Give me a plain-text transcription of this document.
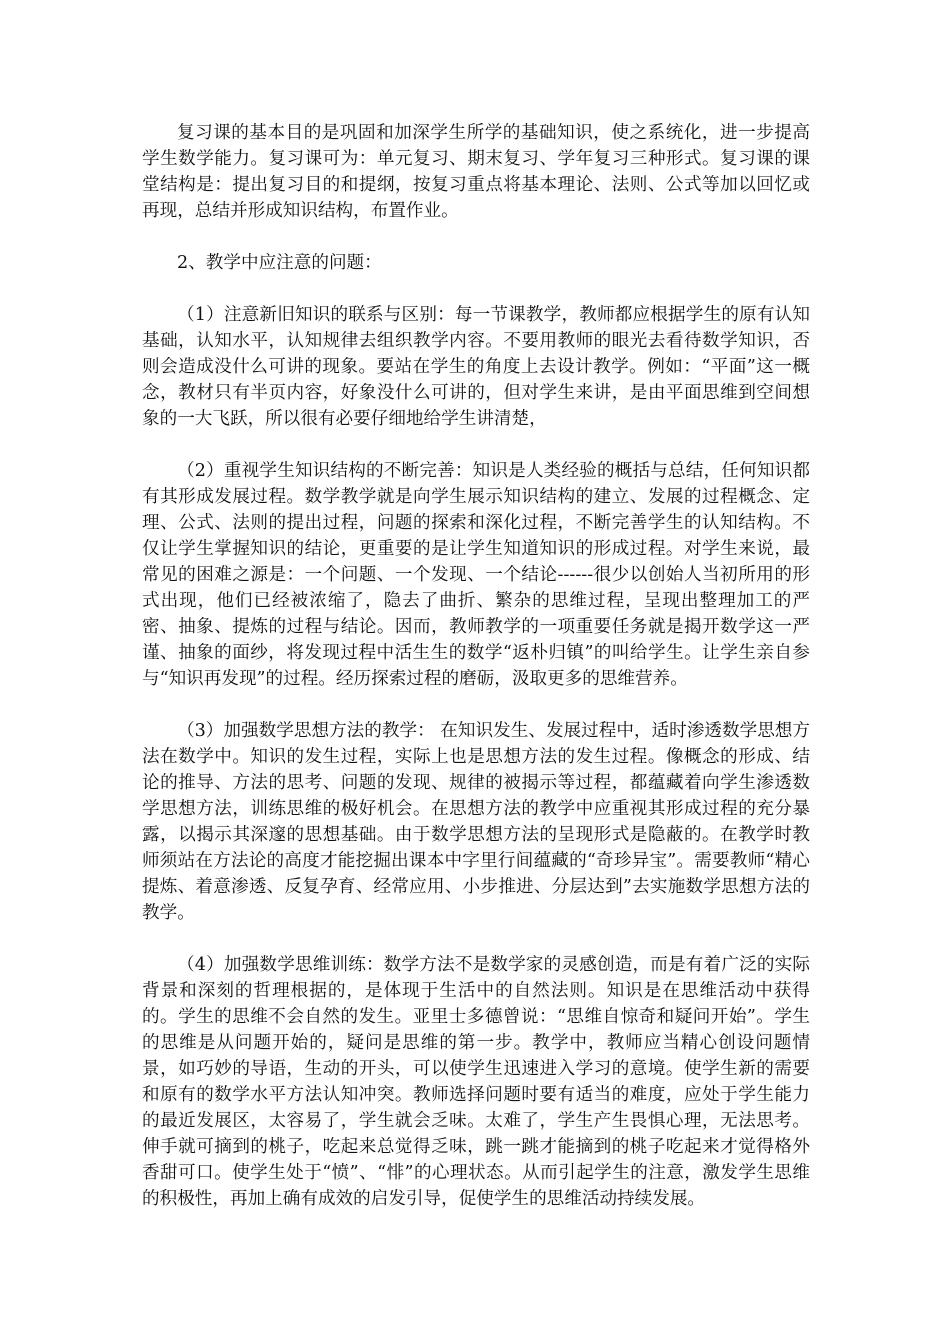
复习课的基本目的是巩固和加深学生所学的基础知识，使之系统化，进一步提高学生数学能力。复习课可为：单元复习、期末复习、学年复习三种形式。复习课的课堂结构是：提出复习目的和提纲，按复习重点将基本理论、法则、公式等加以回忆或再现，总结并形成知识结构，布置作业。

2、教学中应注意的问题：

（1）注意新旧知识的联系与区别：每一节课教学，教师都应根据学生的原有认知基础，认知水平，认知规律去组织教学内容。不要用教师的眼光去看待数学知识，否则会造成没什么可讲的现象。要站在学生的角度上去设计教学。例如：“平面”这一概念，教材只有半页内容，好象没什么可讲的，但对学生来讲，是由平面思维到空间想象的一大飞跃，所以很有必要仔细地给学生讲清楚，

（2）重视学生知识结构的不断完善：知识是人类经验的概括与总结，任何知识都有其形成发展过程。数学教学就是向学生展示知识结构的建立、发展的过程概念、定理、公式、法则的提出过程，问题的探索和深化过程，不断完善学生的认知结构。不仅让学生掌握知识的结论，更重要的是让学生知道知识的形成过程。对学生来说，最常见的困难之源是：一个问题、一个发现、一个结论------很少以创始人当初所用的形式出现，他们已经被浓缩了，隐去了曲折、繁杂的思维过程，呈现出整理加工的严密、抽象、提炼的过程与结论。因而，教师教学的一项重要任务就是揭开数学这一严谨、抽象的面纱，将发现过程中活生生的数学“返朴归镇”的叫给学生。让学生亲自参与“知识再发现”的过程。经历探索过程的磨砺，汲取更多的思维营养。

（3）加强数学思想方法的教学： 在知识发生、发展过程中，适时渗透数学思想方法在数学中。知识的发生过程，实际上也是思想方法的发生过程。像概念的形成、结论的推导、方法的思考、问题的发现、规律的被揭示等过程，都蕴藏着向学生渗透数学思想方法，训练思维的极好机会。在思想方法的教学中应重视其形成过程的充分暴露，以揭示其深邃的思想基础。由于数学思想方法的呈现形式是隐蔽的。在教学时教师须站在方法论的高度才能挖掘出课本中字里行间蕴藏的“奇珍异宝”。需要教师“精心提炼、着意渗透、反复孕育、经常应用、小步推进、分层达到”去实施数学思想方法的教学。

（4）加强数学思维训练：数学方法不是数学家的灵感创造，而是有着广泛的实际背景和深刻的哲理根据的，是体现于生活中的自然法则。知识是在思维活动中获得的。学生的思维不会自然的发生。亚里士多德曾说：“思维自惊奇和疑问开始”。学生的思维是从问题开始的，疑问是思维的第一步。教学中，教师应当精心创设问题情景，如巧妙的导语，生动的开头，可以使学生迅速进入学习的意境。使学生新的需要和原有的数学水平方法认知冲突。教师选择问题时要有适当的难度，应处于学生能力的最近发展区，太容易了，学生就会乏味。太难了，学生产生畏惧心理，无法思考。伸手就可摘到的桃子，吃起来总觉得乏味，跳一跳才能摘到的桃子吃起来才觉得格外香甜可口。使学生处于“愤”、“悱”的心理状态。从而引起学生的注意，激发学生思维的积极性，再加上确有成效的启发引导，促使学生的思维活动持续发展。
